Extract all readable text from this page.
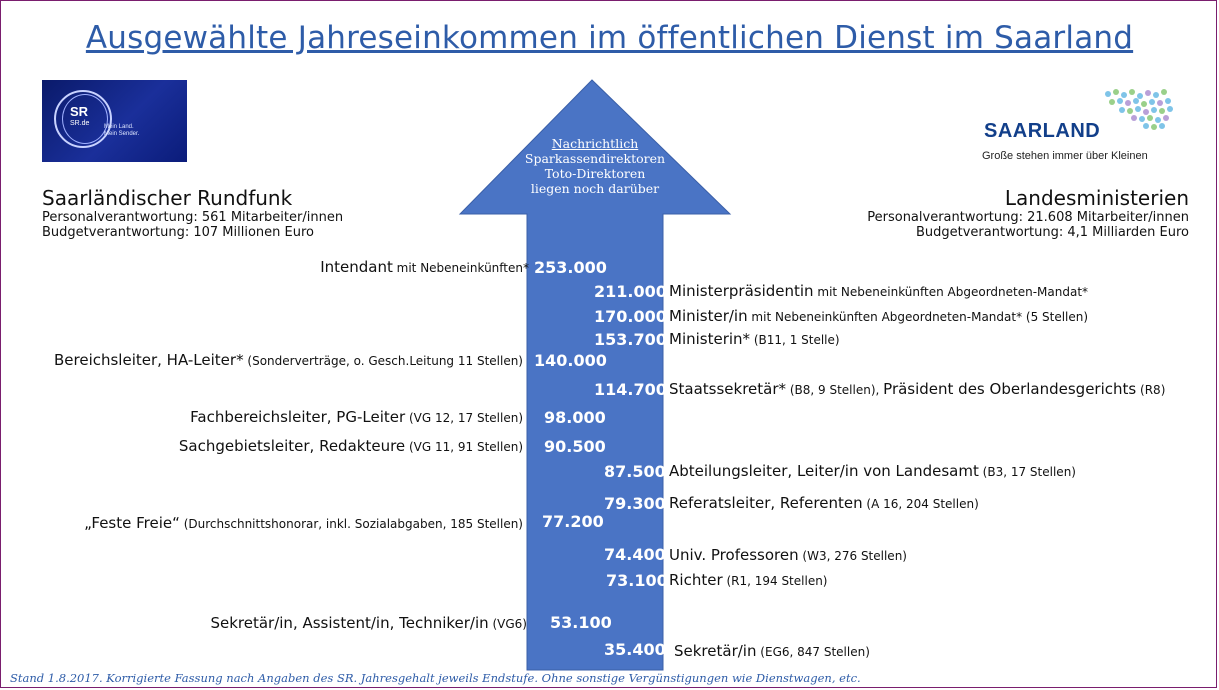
Ausgewählte Jahreseinkommen im öffentlichen Dienst im Saarland
SR
SR.de Mein Land. Mein Sender.	SAARLAND
Große stehen immer über Kleinen
Saarländischer Rundfunk
Personalverantwortung: 561 Mitarbeiter/innen
Budgetverantwortung: 107 Millionen Euro
Landesministerien
Personalverantwortung: 21.608 Mitarbeiter/innen
Budgetverantwortung: 4,1 Milliarden Euro
Nachrichtlich
Sparkassendirektoren
Toto-Direktoren
liegen noch darüber
Intendant mit Nebeneinkünften* 253.000
Bereichsleiter, HA-Leiter* (Sonderverträge, o. Gesch.Leitung 11 Stellen) 140.000
Fachbereichsleiter, PG-Leiter (VG 12, 17 Stellen) 98.000
Sachgebietsleiter, Redakteure (VG 11, 91 Stellen) 90.500
„Feste Freie“ (Durchschnittshonorar, inkl. Sozialabgaben, 185 Stellen) 77.200
Sekretär/in, Assistent/in, Techniker/in (VG6) 53.100
211.000 Ministerpräsidentin mit Nebeneinkünften Abgeordneten-Mandat*
170.000 Minister/in mit Nebeneinkünften Abgeordneten-Mandat* (5 Stellen)
153.700 Ministerin* (B11, 1 Stelle)
114.700 Staatssekretär* (B8, 9 Stellen), Präsident des Oberlandesgerichts (R8)
87.500 Abteilungsleiter, Leiter/in von Landesamt (B3, 17 Stellen)
79.300 Referatsleiter, Referenten (A 16, 204 Stellen)
74.400 Univ. Professoren (W3, 276 Stellen)
73.100 Richter (R1, 194 Stellen)
35.400 Sekretär/in (EG6, 847 Stellen)
Stand 1.8.2017. Korrigierte Fassung nach Angaben des SR. Jahresgehalt jeweils Endstufe. Ohne sonstige Vergünstigungen wie Dienstwagen, etc.
